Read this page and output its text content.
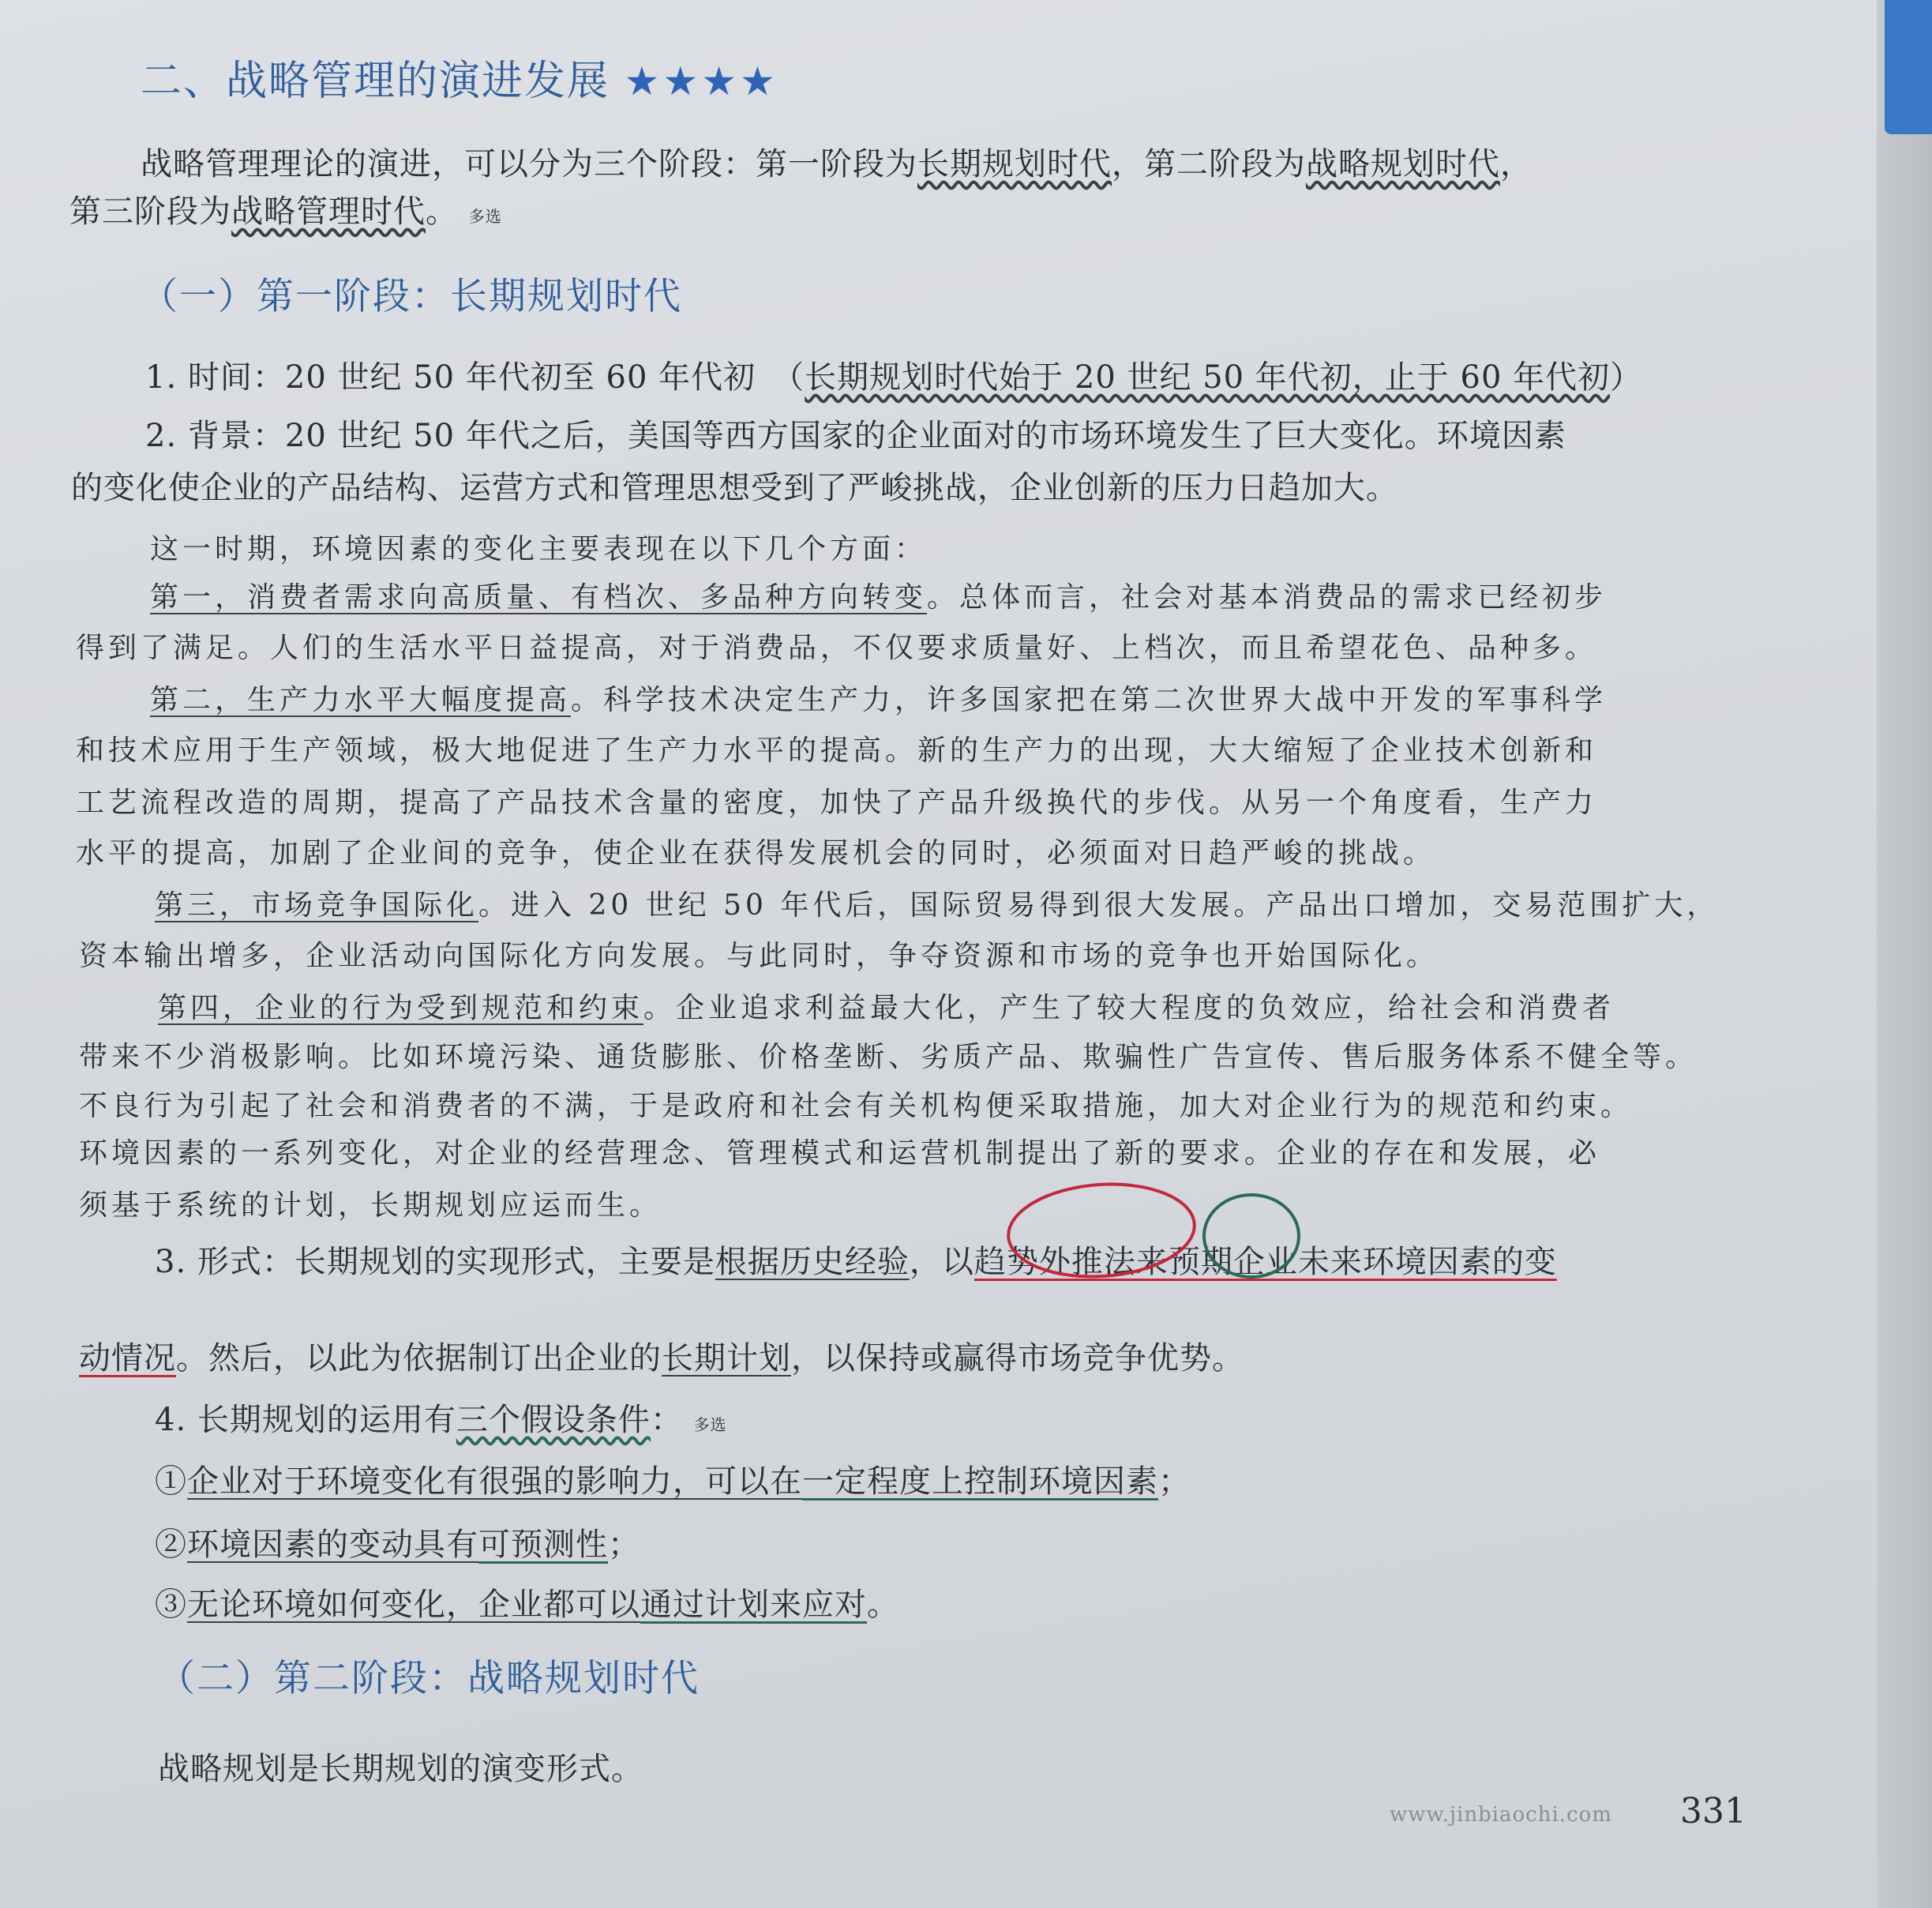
二、战略管理的演进发展 ★★★★
战略管理理论的演进，可以分为三个阶段：第一阶段为长期规划时代，第二阶段为战略规划时代，
第三阶段为战略管理时代。 多选
（一）第一阶段：长期规划时代
1. 时间：20 世纪 50 年代初至 60 年代初　（长期规划时代始于 20 世纪 50 年代初，止于 60 年代初）
2. 背景：20 世纪 50 年代之后，美国等西方国家的企业面对的市场环境发生了巨大变化。环境因素
的变化使企业的产品结构、运营方式和管理思想受到了严峻挑战，企业创新的压力日趋加大。
这一时期，环境因素的变化主要表现在以下几个方面：
第一，消费者需求向高质量、有档次、多品种方向转变。总体而言，社会对基本消费品的需求已经初步
得到了满足。人们的生活水平日益提高，对于消费品，不仅要求质量好、上档次，而且希望花色、品种多。
第二，生产力水平大幅度提高。科学技术决定生产力，许多国家把在第二次世界大战中开发的军事科学
和技术应用于生产领域，极大地促进了生产力水平的提高。新的生产力的出现，大大缩短了企业技术创新和
工艺流程改造的周期，提高了产品技术含量的密度，加快了产品升级换代的步伐。从另一个角度看，生产力
水平的提高，加剧了企业间的竞争，使企业在获得发展机会的同时，必须面对日趋严峻的挑战。
第三，市场竞争国际化。进入 20 世纪 50 年代后，国际贸易得到很大发展。产品出口增加，交易范围扩大，
资本输出增多，企业活动向国际化方向发展。与此同时，争夺资源和市场的竞争也开始国际化。
第四，企业的行为受到规范和约束。企业追求利益最大化，产生了较大程度的负效应，给社会和消费者
带来不少消极影响。比如环境污染、通货膨胀、价格垄断、劣质产品、欺骗性广告宣传、售后服务体系不健全等。
不良行为引起了社会和消费者的不满，于是政府和社会有关机构便采取措施，加大对企业行为的规范和约束。
环境因素的一系列变化，对企业的经营理念、管理模式和运营机制提出了新的要求。企业的存在和发展，必
须基于系统的计划，长期规划应运而生。
3. 形式：长期规划的实现形式，主要是根据历史经验，以趋势外推法来预期企业未来环境因素的变
动情况。然后，以此为依据制订出企业的长期计划，以保持或赢得市场竞争优势。
4. 长期规划的运用有三个假设条件： 多选
①企业对于环境变化有很强的影响力，可以在一定程度上控制环境因素；
②环境因素的变动具有可预测性；
③无论环境如何变化，企业都可以通过计划来应对。
（二）第二阶段：战略规划时代
战略规划是长期规划的演变形式。
www.jinbiaochi.com 331
